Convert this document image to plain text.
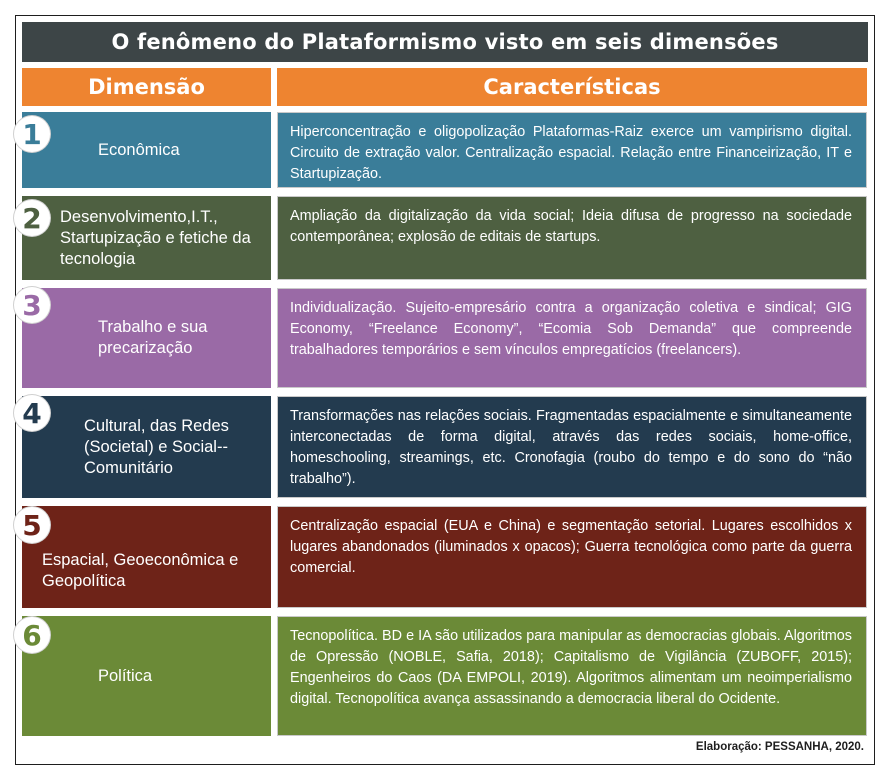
O fenômeno do Plataformismo visto em seis dimensões
Dimensão	Características
Econômica
Hiperconcentração e oligopolização Plataformas-Raiz exerce um vampirismo digital. Circuito de extração valor. Centralização espacial. Relação entre Financeirização, IT e Startupização.
1
Desenvolvimento,I.T., Startupização e fetiche da tecnologia
Ampliação da digitalização da vida social; Ideia difusa de progresso na sociedade contemporânea; explosão de editais de startups.
2
Trabalho e sua precarização
Individualização. Sujeito-empresário contra a organização coletiva e sindical; GIG Economy, “Freelance Economy”, “Ecomia Sob Demanda” que compreende trabalhadores temporários e sem vínculos empregatícios (freelancers).
3
Cultural, das Redes (Societal) e Social--Comunitário
Transformações nas relações sociais. Fragmentadas espacialmente e simultaneamente interconectadas de forma digital, através das redes sociais, home-office, homeschooling, streamings, etc. Cronofagia (roubo do tempo e do sono do “não trabalho”).
4
Espacial, Geoeconômica e Geopolítica
Centralização espacial (EUA e China) e segmentação setorial. Lugares escolhidos x lugares abandonados (iluminados x opacos); Guerra tecnológica como parte da guerra comercial.
5
Política
Tecnopolítica. BD e IA são utilizados para manipular as democracias globais. Algoritmos de Opressão (NOBLE, Safia, 2018); Capitalismo de Vigilância (ZUBOFF, 2015); Engenheiros do Caos (DA EMPOLI, 2019). Algoritmos alimentam um neoimperialismo digital. Tecnopolítica avança assassinando a democracia liberal do Ocidente.
6
Elaboração: PESSANHA, 2020.
